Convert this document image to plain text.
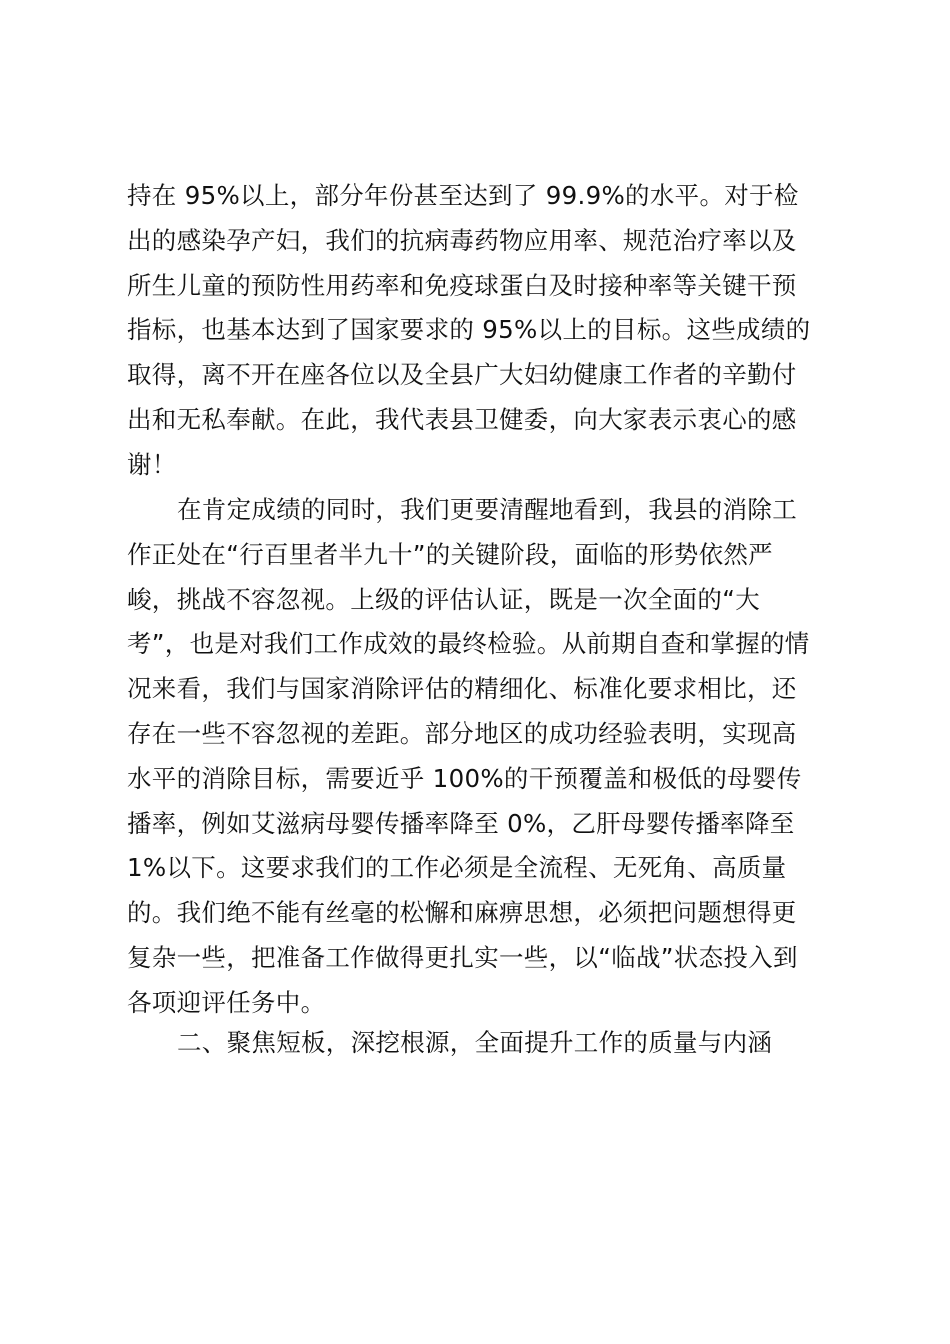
持在 95%以上，部分年份甚至达到了 99.9%的水平。对于检
出的感染孕产妇，我们的抗病毒药物应用率、规范治疗率以及
所生儿童的预防性用药率和免疫球蛋白及时接种率等关键干预
指标，也基本达到了国家要求的 95%以上的目标。这些成绩的
取得，离不开在座各位以及全县广大妇幼健康工作者的辛勤付
出和无私奉献。在此，我代表县卫健委，向大家表示衷心的感
谢！
在肯定成绩的同时，我们更要清醒地看到，我县的消除工
作正处在“行百里者半九十”的关键阶段，面临的形势依然严
峻，挑战不容忽视。上级的评估认证，既是一次全面的“大
考”，也是对我们工作成效的最终检验。从前期自查和掌握的情
况来看，我们与国家消除评估的精细化、标准化要求相比，还
存在一些不容忽视的差距。部分地区的成功经验表明，实现高
水平的消除目标，需要近乎 100%的干预覆盖和极低的母婴传
播率，例如艾滋病母婴传播率降至 0%，乙肝母婴传播率降至
1%以下。这要求我们的工作必须是全流程、无死角、高质量
的。我们绝不能有丝毫的松懈和麻痹思想，必须把问题想得更
复杂一些，把准备工作做得更扎实一些，以“临战”状态投入到
各项迎评任务中。
二、聚焦短板，深挖根源，全面提升工作的质量与内涵
